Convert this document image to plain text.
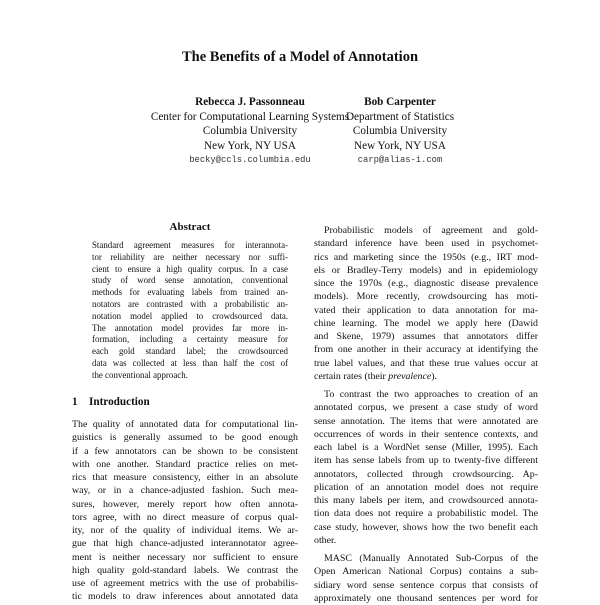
The Benefits of a Model of Annotation
Rebecca J. Passonneau
Center for Computational Learning Systems
Columbia University
New York, NY USA
becky@ccls.columbia.edu
Bob Carpenter
Department of Statistics
Columbia University
New York, NY USA
carp@alias-i.com
Abstract
Standard agreement measures for interannota-
tor reliability are neither necessary nor suffi-
cient to ensure a high quality corpus. In a case
study of word sense annotation, conventional
methods for evaluating labels from trained an-
notators are contrasted with a probabilistic an-
notation model applied to crowdsourced data.
The annotation model provides far more in-
formation, including a certainty measure for
each gold standard label; the crowdsourced
data was collected at less than half the cost of
the conventional approach.
1 Introduction
The quality of annotated data for computational lin-
guistics is generally assumed to be good enough
if a few annotators can be shown to be consistent
with one another. Standard practice relies on met-
rics that measure consistency, either in an absolute
way, or in a chance-adjusted fashion. Such mea-
sures, however, merely report how often annota-
tors agree, with no direct measure of corpus qual-
ity, nor of the quality of individual items. We ar-
gue that high chance-adjusted interannotator agree-
ment is neither necessary nor sufficient to ensure
high quality gold-standard labels. We contrast the
use of agreement metrics with the use of probabilis-
tic models to draw inferences about annotated data
Probabilistic models of agreement and gold-
standard inference have been used in psychomet-
rics and marketing since the 1950s (e.g., IRT mod-
els or Bradley-Terry models) and in epidemiology
since the 1970s (e.g., diagnostic disease prevalence
models). More recently, crowdsourcing has moti-
vated their application to data annotation for ma-
chine learning. The model we apply here (Dawid
and Skene, 1979) assumes that annotators differ
from one another in their accuracy at identifying the
true label values, and that these true values occur at
certain rates (their prevalence).
To contrast the two approaches to creation of an
annotated corpus, we present a case study of word
sense annotation. The items that were annotated are
occurrences of words in their sentence contexts, and
each label is a WordNet sense (Miller, 1995). Each
item has sense labels from up to twenty-five different
annotators, collected through crowdsourcing. Ap-
plication of an annotation model does not require
this many labels per item, and crowdsourced annota-
tion data does not require a probabilistic model. The
case study, however, shows how the two benefit each
other.
MASC (Manually Annotated Sub-Corpus of the
Open American National Corpus) contains a sub-
sidiary word sense sentence corpus that consists of
approximately one thousand sentences per word for
